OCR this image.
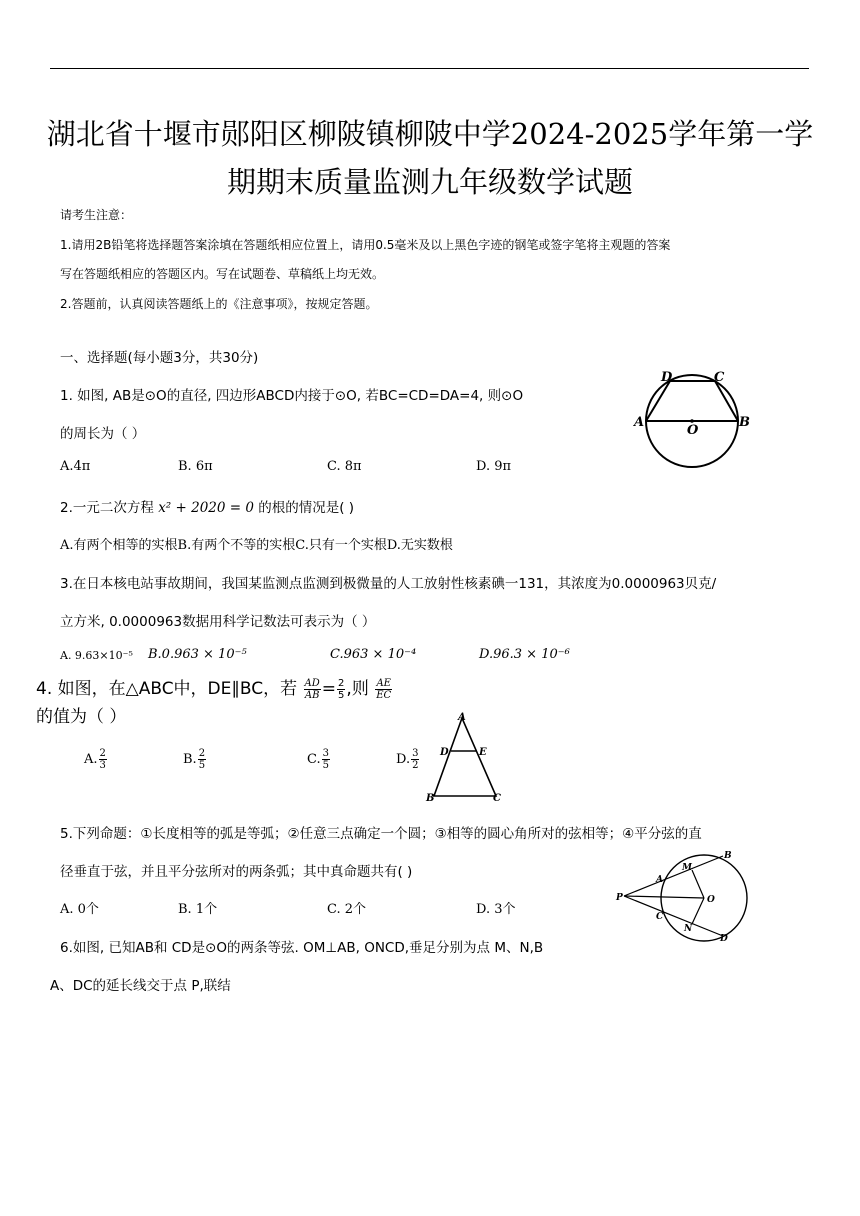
湖北省十堰市郧阳区柳陂镇柳陂中学2024-2025学年第一学
期期末质量监测九年级数学试题
请考生注意：
1.请用2B铅笔将选择题答案涂填在答题纸相应位置上，请用0.5毫米及以上黑色字迹的钢笔或签字笔将主观题的答案
写在答题纸相应的答题区内。写在试题卷、草稿纸上均无效。
2.答题前，认真阅读答题纸上的《注意事项》，按规定答题。
一、选择题(每小题3分，共30分)
1. 如图, AB是⊙O的直径, 四边形ABCD内接于⊙O, 若BC=CD=DA=4, 则⊙O
的周长为（ ）
A.4π	B. 6π	C. 8π	D. 9π
D	C
A
O
B
2.一元二次方程 x² + 2020 = 0 的根的情况是( )
A.有两个相等的实根B.有两个不等的实根C.只有一个实根D.无实数根
3.在日本核电站事故期间，我国某监测点监测到极微量的人工放射性核素碘一131，其浓度为0.0000963贝克/
立方米, 0.0000963数据用科学记数法可表示为（ ）
A. 9.63×10⁻⁵ B.0.963 × 10⁻⁵	C.963 × 10⁻⁴	D.96.3 × 10⁻⁶
4. 如图，在△ABC中，DE∥BC，若 $\frac{AD}{AB} = \frac{2}{5}$ ,则 $\frac{AE}{EC}$
的值为（ ）
A. $\frac{2}{3}$	B. $\frac{2}{5}$	C. $\frac{3}{5}$	D. $\frac{3}{2}$
A
D	E
B	C
5.下列命题：①长度相等的弧是等弧；②任意三点确定一个圆；③相等的圆心角所对的弦相等；④平分弦的直
径垂直于弦，并且平分弦所对的两条弧；其中真命题共有( )
A. 0个	B. 1个	C. 2个	D. 3个
B
M
A
P	O
C
N
D
6.如图, 已知AB和 CD是⊙O的两条等弦. OM⊥AB, ONCD,垂足分别为点 M、N,B
A、DC的延长线交于点 P,联结
